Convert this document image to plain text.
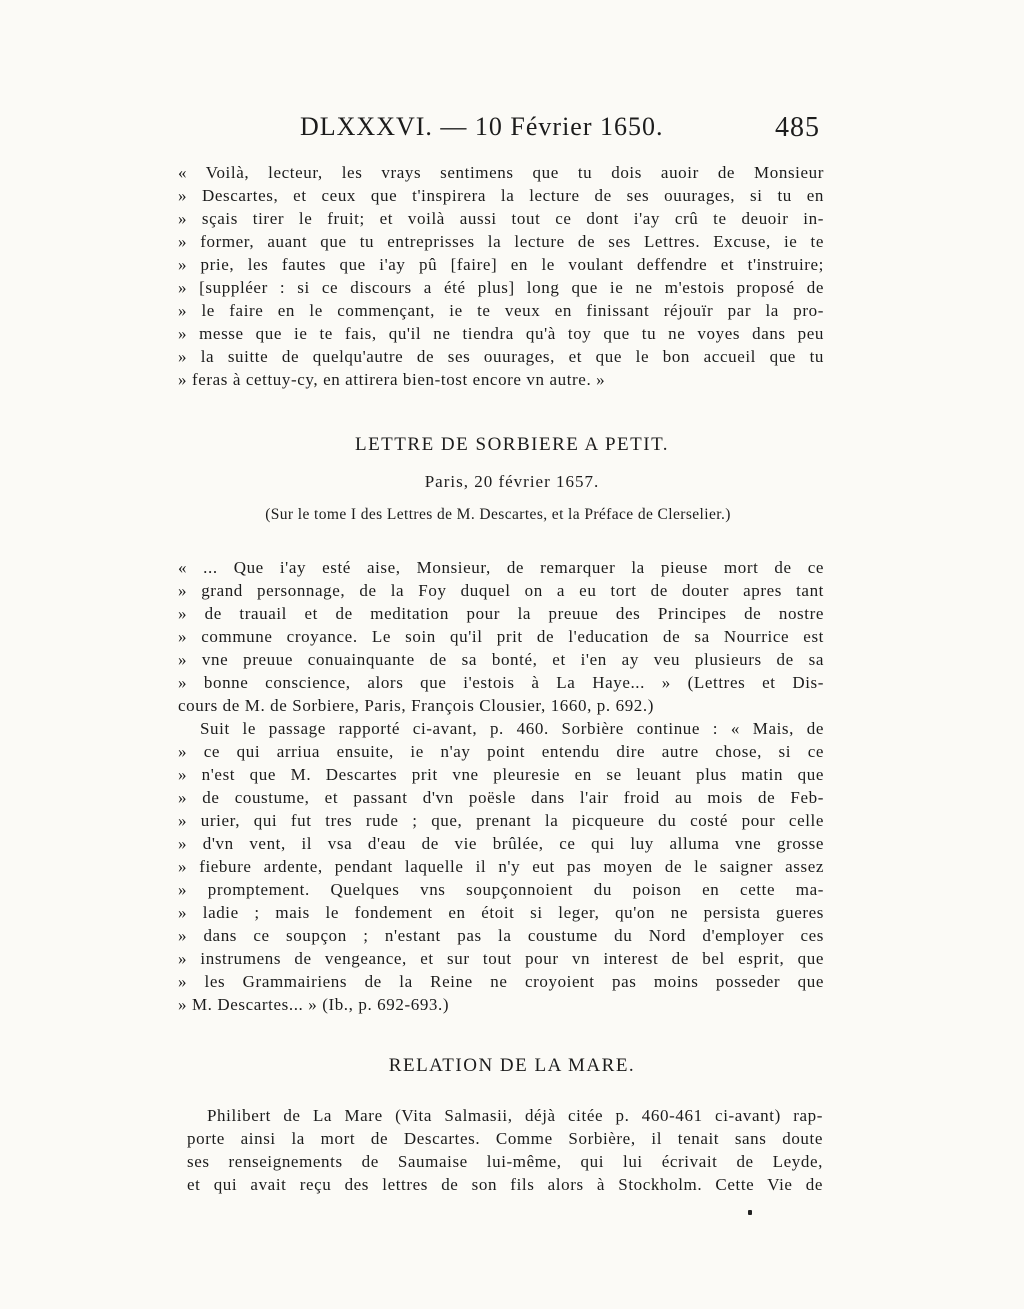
DLXXXVI. — 10 Février 1650.	485
« Voilà, lecteur, les vrays sentimens que tu dois auoir de Monsieur
» Descartes, et ceux que t'inspirera la lecture de ses ouurages, si tu en
» sçais tirer le fruit; et voilà aussi tout ce dont i'ay crû te deuoir in-
» former, auant que tu entreprisses la lecture de ses Lettres. Excuse, ie te
» prie, les fautes que i'ay pû [faire] en le voulant deffendre et t'instruire;
» [suppléer : si ce discours a été plus] long que ie ne m'estois proposé de
» le faire en le commençant, ie te veux en finissant réjouïr par la pro-
» messe que ie te fais, qu'il ne tiendra qu'à toy que tu ne voyes dans peu
» la suitte de quelqu'autre de ses ouurages, et que le bon accueil que tu
» feras à cettuy-cy, en attirera bien-tost encore vn autre. »
LETTRE DE SORBIERE A PETIT.
Paris, 20 février 1657.
(Sur le tome I des Lettres de M. Descartes, et la Préface de Clerselier.)
« ... Que i'ay esté aise, Monsieur, de remarquer la pieuse mort de ce
» grand personnage, de la Foy duquel on a eu tort de douter apres tant
» de trauail et de meditation pour la preuue des Principes de nostre
» commune croyance. Le soin qu'il prit de l'education de sa Nourrice est
» vne preuue conuainquante de sa bonté, et i'en ay veu plusieurs de sa
» bonne conscience, alors que i'estois à La Haye... » (Lettres et Dis-
cours de M. de Sorbiere, Paris, François Clousier, 1660, p. 692.)
Suit le passage rapporté ci-avant, p. 460. Sorbière continue : « Mais, de
» ce qui arriua ensuite, ie n'ay point entendu dire autre chose, si ce
» n'est que M. Descartes prit vne pleuresie en se leuant plus matin que
» de coustume, et passant d'vn poësle dans l'air froid au mois de Feb-
» urier, qui fut tres rude ; que, prenant la picqueure du costé pour celle
» d'vn vent, il vsa d'eau de vie brûlée, ce qui luy alluma vne grosse
» fiebure ardente, pendant laquelle il n'y eut pas moyen de le saigner assez
» promptement. Quelques vns soupçonnoient du poison en cette ma-
» ladie ; mais le fondement en étoit si leger, qu'on ne persista gueres
» dans ce soupçon ; n'estant pas la coustume du Nord d'employer ces
» instrumens de vengeance, et sur tout pour vn interest de bel esprit, que
» les Grammairiens de la Reine ne croyoient pas moins posseder que
» M. Descartes... » (Ib., p. 692-693.)
RELATION DE LA MARE.
Philibert de La Mare (Vita Salmasii, déjà citée p. 460-461 ci-avant) rap-
porte ainsi la mort de Descartes. Comme Sorbière, il tenait sans doute
ses renseignements de Saumaise lui-même, qui lui écrivait de Leyde,
et qui avait reçu des lettres de son fils alors à Stockholm. Cette Vie de
